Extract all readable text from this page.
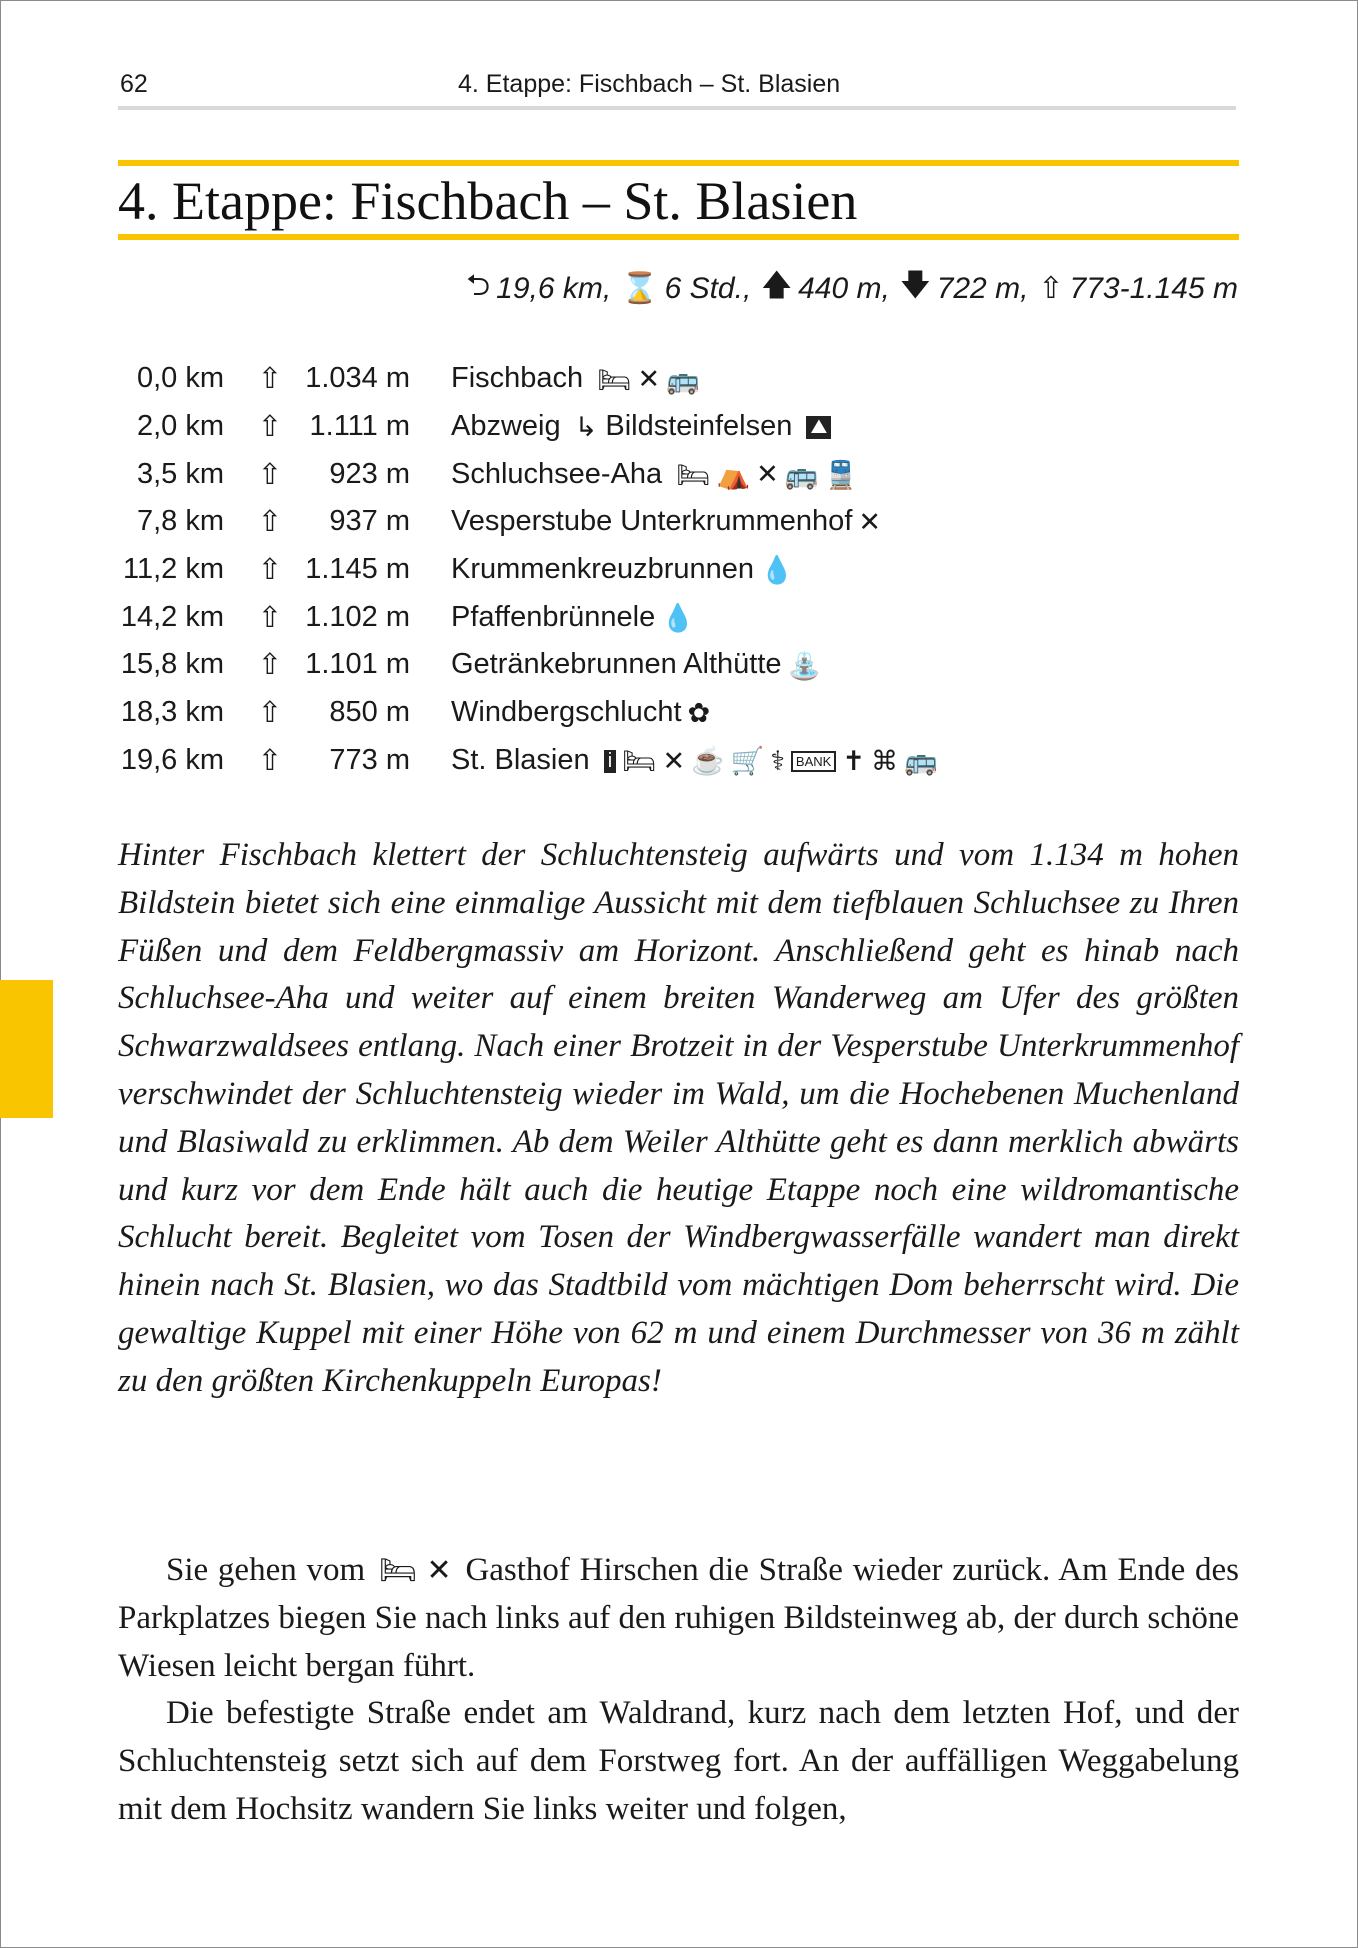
62	4. Etappe: Fischbach – St. Blasien
4. Etappe: Fischbach – St. Blasien
⮌ 19,6 km, ⌛ 6 Std., 🡅 440 m, 🡇 722 m, ⇧ 773-1.145 m
0,0 km	⇧	1.034 m	Fischbach 🛏 ✕ 🚌
2,0 km	⇧	1.111 m	Abzweig ↳ Bildsteinfelsen ⛰
3,5 km	⇧	923 m	Schluchsee-Aha 🛏 ⛺ ✕ 🚌 🚆
7,8 km	⇧	937 m	Vesperstube Unterkrummenhof ✕
11,2 km	⇧	1.145 m	Krummenkreuzbrunnen 💧
14,2 km	⇧	1.102 m	Pfaffenbrünnele 💧
15,8 km	⇧	1.101 m	Getränkebrunnen Althütte ⛲
18,3 km	⇧	850 m	Windbergschlucht ✿
19,6 km	⇧	773 m	St. Blasien i 🛏 ✕ ☕ 🛒 ⚕ BANK ✝ ⌘ 🚌

Hinter Fischbach klettert der Schluchtensteig aufwärts und vom 1.134 m hohen Bildstein bietet sich eine einmalige Aussicht mit dem tiefblauen Schluchsee zu Ihren Füßen und dem Feldbergmassiv am Horizont. Anschließend geht es hinab nach Schluchsee-Aha und weiter auf einem breiten Wanderweg am Ufer des größten Schwarzwaldsees entlang. Nach einer Brotzeit in der Vesperstube Unterkrummenhof verschwindet der Schluchtensteig wieder im Wald, um die Hochebenen Muchenland und Blasiwald zu erklimmen. Ab dem Weiler Althütte geht es dann merklich abwärts und kurz vor dem Ende hält auch die heutige Etappe noch eine wildromantische Schlucht bereit. Begleitet vom Tosen der Windbergwasserfälle wandert man direkt hinein nach St. Blasien, wo das Stadtbild vom mächtigen Dom beherrscht wird. Die gewaltige Kuppel mit einer Höhe von 62 m und einem Durchmesser von 36 m zählt zu den größten Kirchenkuppeln Europas!

Sie gehen vom 🛏 ✕ Gasthof Hirschen die Straße wieder zurück. Am Ende des Parkplatzes biegen Sie nach links auf den ruhigen Bildsteinweg ab, der durch schöne Wiesen leicht bergan führt.

Die befestigte Straße endet am Waldrand, kurz nach dem letzten Hof, und der Schluchtensteig setzt sich auf dem Forstweg fort. An der auffälligen Weggabelung mit dem Hochsitz wandern Sie links weiter und folgen,
